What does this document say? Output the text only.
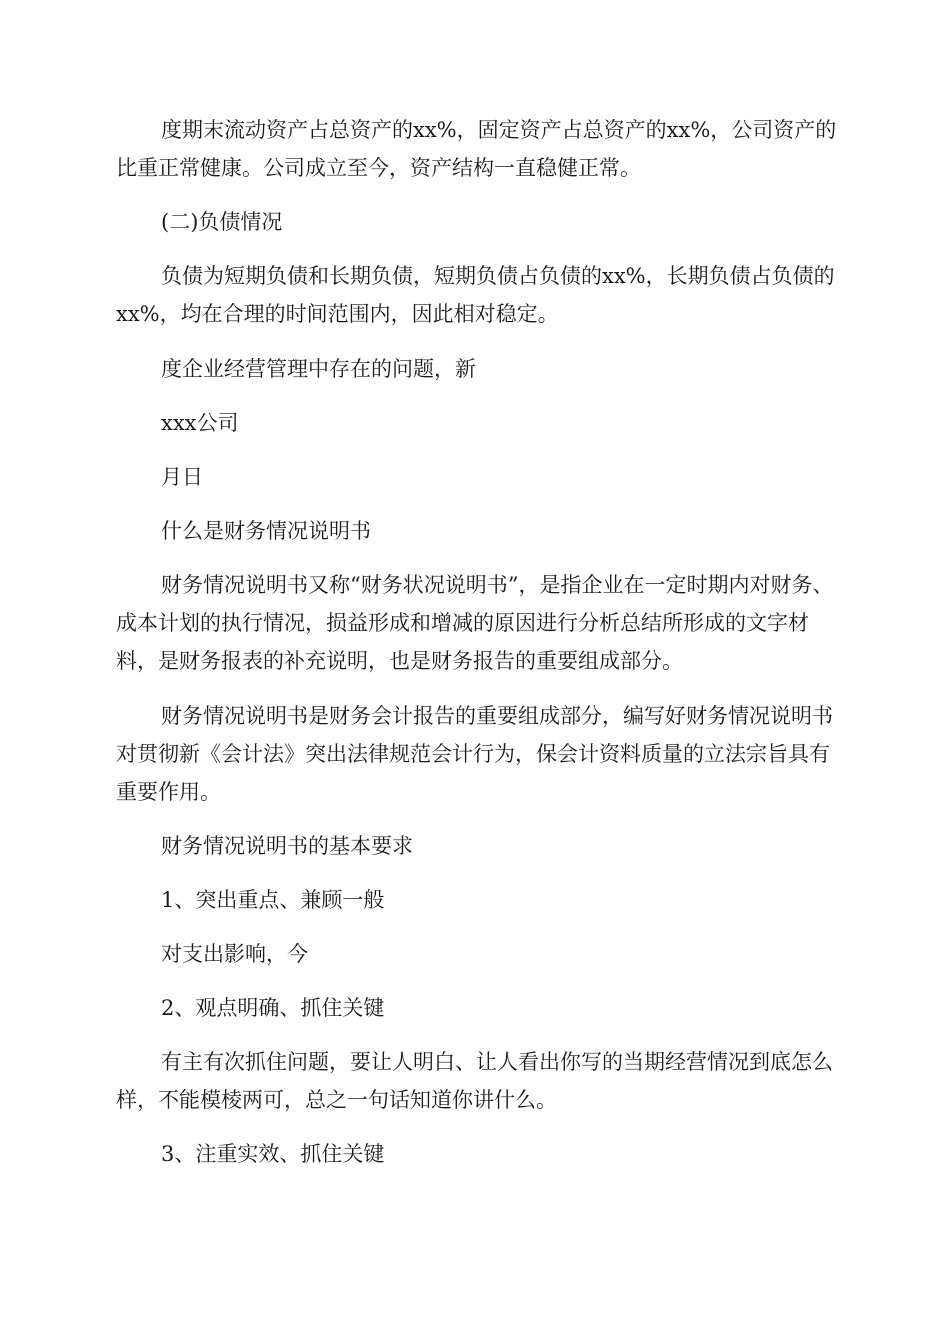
度期末流动资产占总资产的xx%，固定资产占总资产的xx%，公司资产的比重正常健康。公司成立至今，资产结构一直稳健正常。

(二)负债情况

负债为短期负债和长期负债，短期负债占负债的xx%，长期负债占负债的xx%，均在合理的时间范围内，因此相对稳定。

度企业经营管理中存在的问题，新

xxx公司

月日

什么是财务情况说明书

财务情况说明书又称“财务状况说明书”，是指企业在一定时期内对财务、成本计划的执行情况，损益形成和增减的原因进行分析总结所形成的文字材料，是财务报表的补充说明，也是财务报告的重要组成部分。

财务情况说明书是财务会计报告的重要组成部分，编写好财务情况说明书对贯彻新《会计法》突出法律规范会计行为，保会计资料质量的立法宗旨具有重要作用。

财务情况说明书的基本要求

1、突出重点、兼顾一般

对支出影响，今

2、观点明确、抓住关键

有主有次抓住问题，要让人明白、让人看出你写的当期经营情况到底怎么样，不能模棱两可，总之一句话知道你讲什么。

3、注重实效、抓住关键
